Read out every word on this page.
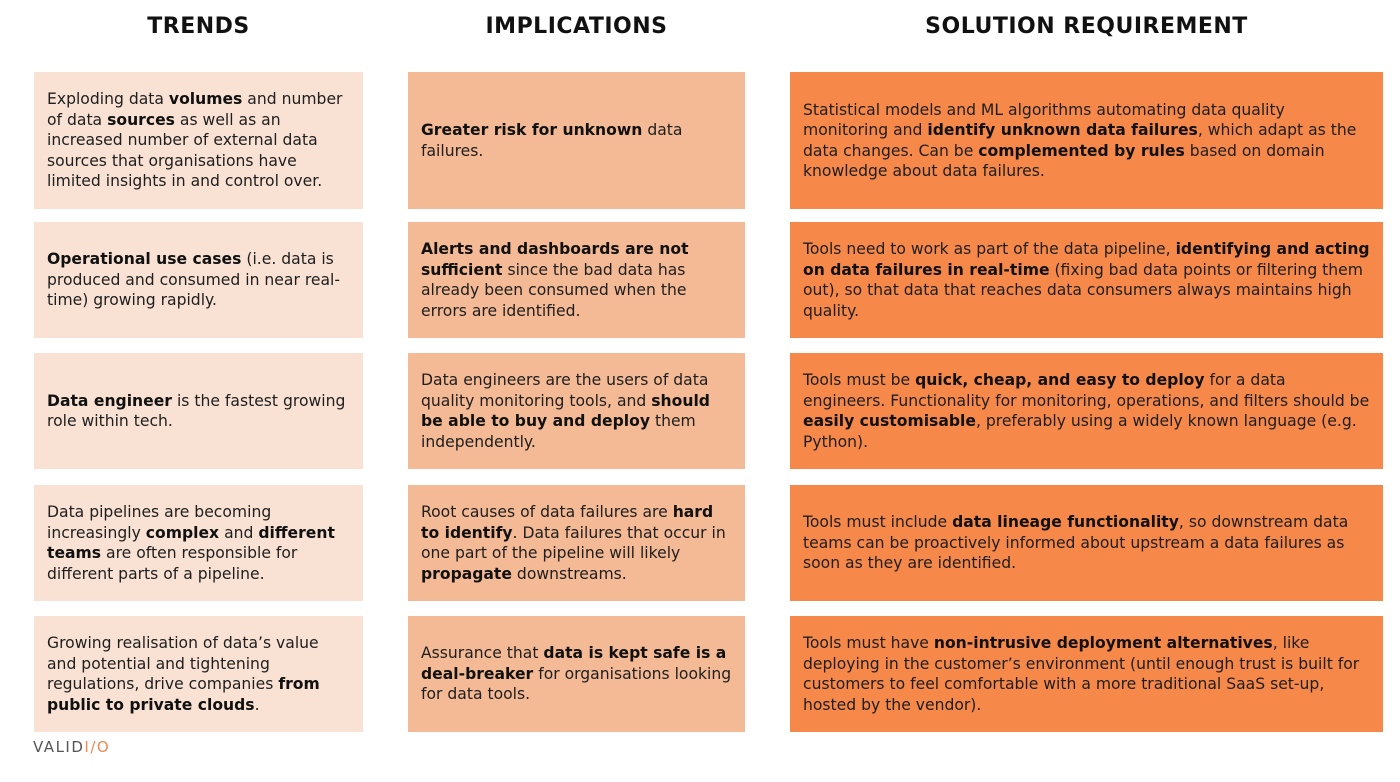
TRENDS	IMPLICATIONS	SOLUTION REQUIREMENT
Exploding data volumes and number of data sources as well as an increased number of external data sources that organisations have limited insights in and control over.
Greater risk for unknown data failures.
Statistical models and ML algorithms automating data quality monitoring and identify unknown data failures, which adapt as the data changes. Can be complemented by rules based on domain knowledge about data failures.
Operational use cases (i.e. data is produced and consumed in near real-time) growing rapidly.
Alerts and dashboards are not sufficient since the bad data has already been consumed when the errors are identified.
Tools need to work as part of the data pipeline, identifying and acting on data failures in real-time (fixing bad data points or filtering them out), so that data that reaches data consumers always maintains high quality.
Data engineer is the fastest growing role within tech.
Data engineers are the users of data quality monitoring tools, and should be able to buy and deploy them independently.
Tools must be quick, cheap, and easy to deploy for a data engineers. Functionality for monitoring, operations, and filters should be easily customisable, preferably using a widely known language (e.g. Python).
Data pipelines are becoming increasingly complex and different teams are often responsible for different parts of a pipeline.
Root causes of data failures are hard to identify. Data failures that occur in one part of the pipeline will likely propagate downstreams.
Tools must include data lineage functionality, so downstream data teams can be proactively informed about upstream a data failures as soon as they are identified.
Growing realisation of data’s value and potential and tightening regulations, drive companies from public to private clouds.
Assurance that data is kept safe is a deal-breaker for organisations looking for data tools.
Tools must have non-intrusive deployment alternatives, like deploying in the customer’s environment (until enough trust is built for customers to feel comfortable with a more traditional SaaS set-up, hosted by the vendor).
VALIDI/O
